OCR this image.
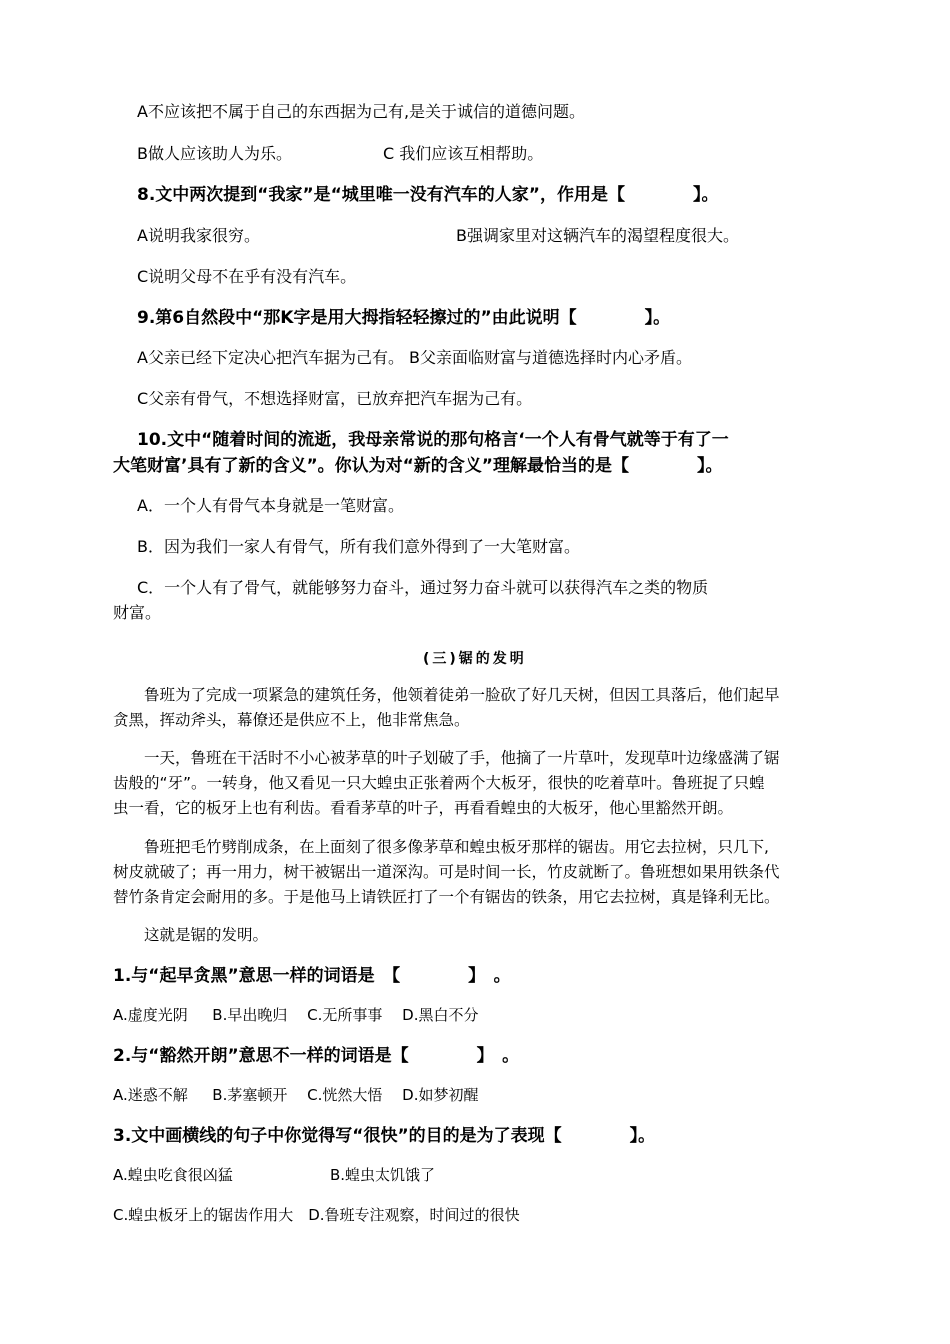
A不应该把不属于自己的东西据为己有,是关于诚信的道德问题。
B做人应该助人为乐。	C 我们应该互相帮助。
8.文中两次提到“我家”是“城里唯一没有汽车的人家”，作用是【　　　　】。
A说明我家很穷。	B强调家里对这辆汽车的渴望程度很大。
C说明父母不在乎有没有汽车。
9.第6自然段中“那K字是用大拇指轻轻擦过的”由此说明【　　　　】。
A父亲已经下定决心把汽车据为己有。 B父亲面临财富与道德选择时内心矛盾。
C父亲有骨气，不想选择财富，已放弃把汽车据为己有。
10.文中“随着时间的流逝，我母亲常说的那句格言‘一个人有骨气就等于有了一
大笔财富’具有了新的含义”。你认为对“新的含义”理解最恰当的是【　　　　】。
A．一个人有骨气本身就是一笔财富。
B．因为我们一家人有骨气，所有我们意外得到了一大笔财富。
C．一个人有了骨气，就能够努力奋斗，通过努力奋斗就可以获得汽车之类的物质
财富。
(三)锯的发明
鲁班为了完成一项紧急的建筑任务，他领着徒弟一脸砍了好几天树，但因工具落后，他们起早
贪黑，挥动斧头，幕僚还是供应不上，他非常焦急。
一天，鲁班在干活时不小心被茅草的叶子划破了手，他摘了一片草叶，发现草叶边缘盛满了锯
齿般的“牙”。一转身，他又看见一只大蝗虫正张着两个大板牙，很快的吃着草叶。鲁班捉了只蝗
虫一看，它的板牙上也有利齿。看看茅草的叶子，再看看蝗虫的大板牙，他心里豁然开朗。
鲁班把毛竹劈削成条，在上面刻了很多像茅草和蝗虫板牙那样的锯齿。用它去拉树，只几下,
树皮就破了；再一用力，树干被锯出一道深沟。可是时间一长，竹皮就断了。鲁班想如果用铁条代
替竹条肯定会耐用的多。于是他马上请铁匠打了一个有锯齿的铁条，用它去拉树，真是锋利无比。
这就是锯的发明。
1.与“起早贪黑”意思一样的词语是　【　　　　】　。
A.虚度光阴　  B.早出晚归　 C.无所事事　 D.黑白不分
2.与“豁然开朗”意思不一样的词语是【　　　　】　。
A.迷惑不解　  B.茅塞顿开　 C.恍然大悟　 D.如梦初醒
3.文中画横线的句子中你觉得写“很快”的目的是为了表现【　　　　】。
A.蝗虫吃食很凶猛	B.蝗虫太饥饿了
C.蝗虫板牙上的锯齿作用大　D.鲁班专注观察，时间过的很快
